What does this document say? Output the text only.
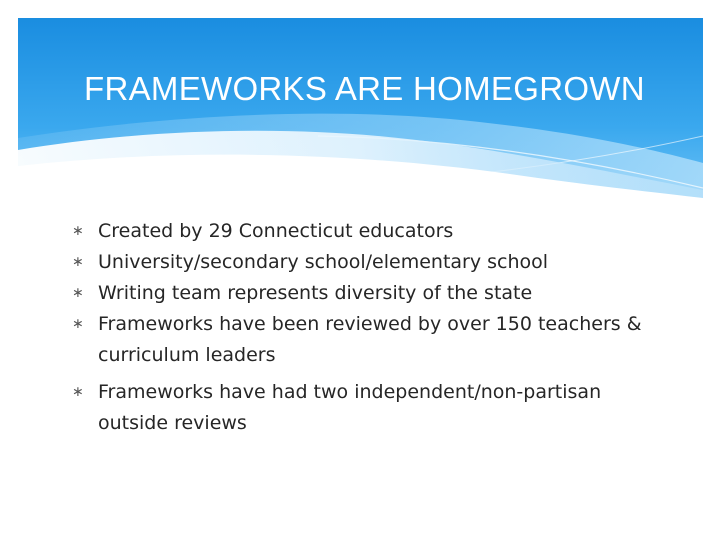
FRAMEWORKS ARE HOMEGROWN
∗ Created by 29 Connecticut educators
∗ University/secondary school/elementary school
∗ Writing team represents diversity of the state
∗ Frameworks have been reviewed by over 150 teachers & curriculum leaders
∗ Frameworks have had two independent/non-partisan outside reviews
